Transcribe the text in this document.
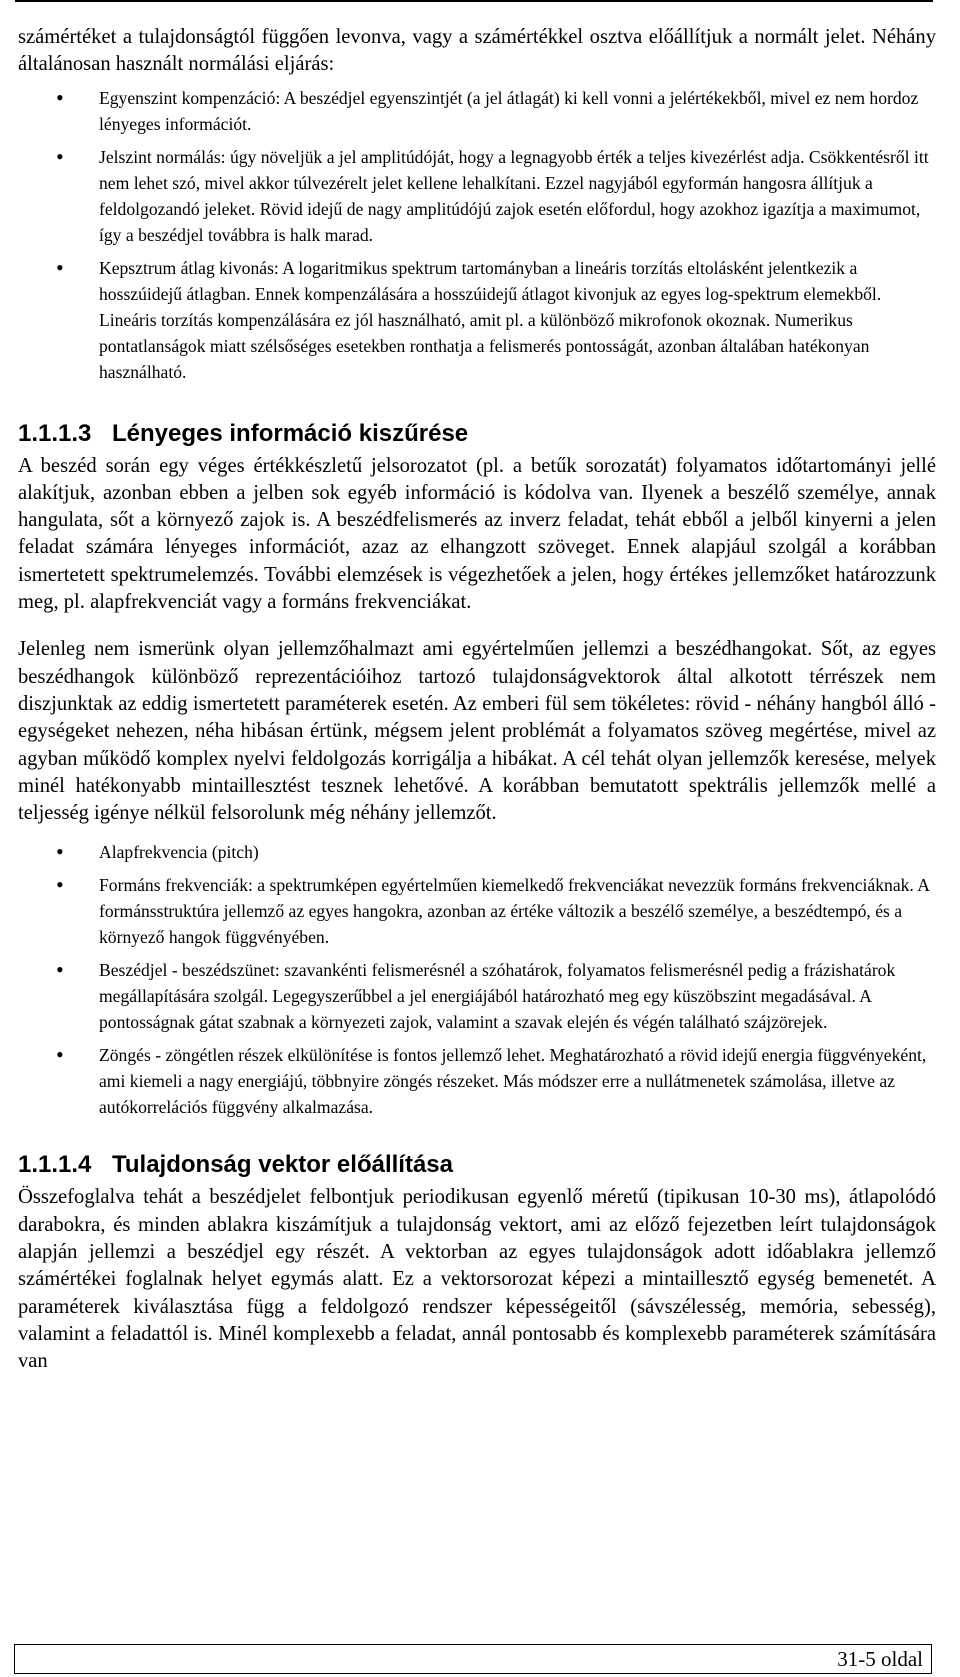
számértéket a tulajdonságtól függően levonva, vagy a számértékkel osztva előállítjuk a normált jelet. Néhány általánosan használt normálási eljárás:

• Egyenszint kompenzáció: A beszédjel egyenszintjét (a jel átlagát) ki kell vonni a jelértékekből, mivel ez nem hordoz lényeges információt.
• Jelszint normálás: úgy növeljük a jel amplitúdóját, hogy a legnagyobb érték a teljes kivezérlést adja. Csökkentésről itt nem lehet szó, mivel akkor túlvezérelt jelet kellene lehalkítani. Ezzel nagyjából egyformán hangosra állítjuk a feldolgozandó jeleket. Rövid idejű de nagy amplitúdójú zajok esetén előfordul, hogy azokhoz igazítja a maximumot, így a beszédjel továbbra is halk marad.
• Kepsztrum átlag kivonás: A logaritmikus spektrum tartományban a lineáris torzítás eltolásként jelentkezik a hosszúidejű átlagban. Ennek kompenzálására a hosszúidejű átlagot kivonjuk az egyes log-spektrum elemekből. Lineáris torzítás kompenzálására ez jól használható, amit pl. a különböző mikrofonok okoznak. Numerikus pontatlanságok miatt szélsőséges esetekben ronthatja a felismerés pontosságát, azonban általában hatékonyan használható.
1.1.1.3 Lényeges információ kiszűrése

A beszéd során egy véges értékkészletű jelsorozatot (pl. a betűk sorozatát) folyamatos időtartományi jellé alakítjuk, azonban ebben a jelben sok egyéb információ is kódolva van. Ilyenek a beszélő személye, annak hangulata, sőt a környező zajok is. A beszédfelismerés az inverz feladat, tehát ebből a jelből kinyerni a jelen feladat számára lényeges információt, azaz az elhangzott szöveget. Ennek alapjául szolgál a korábban ismertetett spektrumelemzés. További elemzések is végezhetőek a jelen, hogy értékes jellemzőket határozzunk meg, pl. alapfrekvenciát vagy a formáns frekvenciákat.

Jelenleg nem ismerünk olyan jellemzőhalmazt ami egyértelműen jellemzi a beszédhangokat. Sőt, az egyes beszédhangok különböző reprezentációihoz tartozó tulajdonságvektorok által alkotott térrészek nem diszjunktak az eddig ismertetett paraméterek esetén. Az emberi fül sem tökéletes: rövid - néhány hangból álló - egységeket nehezen, néha hibásan értünk, mégsem jelent problémát a folyamatos szöveg megértése, mivel az agyban működő komplex nyelvi feldolgozás korrigálja a hibákat. A cél tehát olyan jellemzők keresése, melyek minél hatékonyabb mintaillesztést tesznek lehetővé. A korábban bemutatott spektrális jellemzők mellé a teljesség igénye nélkül felsorolunk még néhány jellemzőt.

• Alapfrekvencia (pitch)
• Formáns frekvenciák: a spektrumképen egyértelműen kiemelkedő frekvenciákat nevezzük formáns frekvenciáknak. A formánsstruktúra jellemző az egyes hangokra, azonban az értéke változik a beszélő személye, a beszédtempó, és a környező hangok függvényében.
• Beszédjel - beszédszünet: szavankénti felismerésnél a szóhatárok, folyamatos felismerésnél pedig a frázishatárok megállapítására szolgál. Legegyszerűbbel a jel energiájából határozható meg egy küszöbszint megadásával. A pontosságnak gátat szabnak a környezeti zajok, valamint a szavak elején és végén található szájzörejek.
• Zöngés - zöngétlen részek elkülönítése is fontos jellemző lehet. Meghatározható a rövid idejű energia függvényeként, ami kiemeli a nagy energiájú, többnyire zöngés részeket. Más módszer erre a nullátmenetek számolása, illetve az autókorrelációs függvény alkalmazása.
1.1.1.4 Tulajdonság vektor előállítása

Összefoglalva tehát a beszédjelet felbontjuk periodikusan egyenlő méretű (tipikusan 10-30 ms), átlapolódó darabokra, és minden ablakra kiszámítjuk a tulajdonság vektort, ami az előző fejezetben leírt tulajdonságok alapján jellemzi a beszédjel egy részét. A vektorban az egyes tulajdonságok adott időablakra jellemző számértékei foglalnak helyet egymás alatt. Ez a vektorsorozat képezi a mintaillesztő egység bemenetét. A paraméterek kiválasztása függ a feldolgozó rendszer képességeitől (sávszélesség, memória, sebesség), valamint a feladattól is. Minél komplexebb a feladat, annál pontosabb és komplexebb paraméterek számítására van

31-5 oldal
